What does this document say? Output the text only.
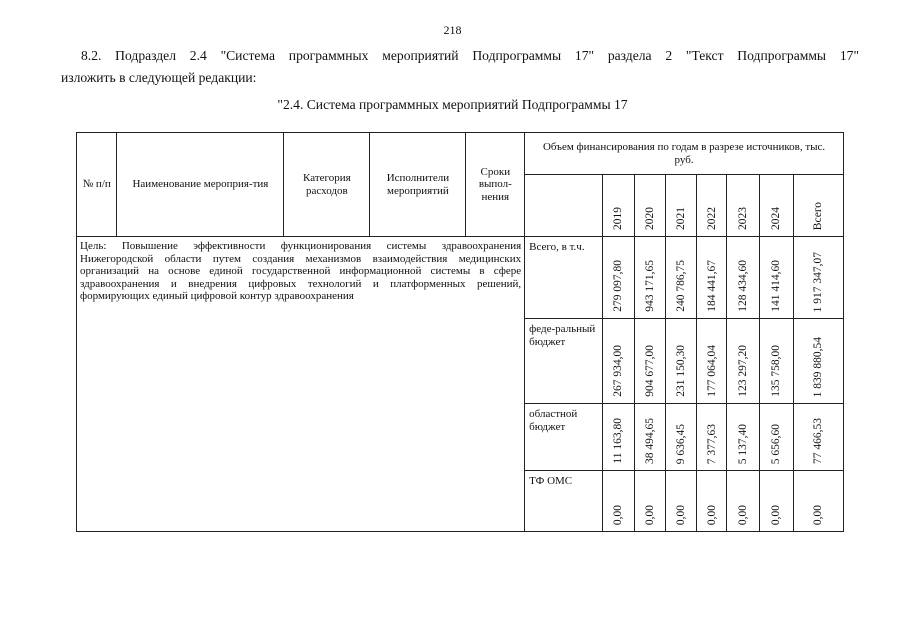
218
8.2. Подраздел 2.4 "Система программных мероприятий Подпрограммы 17" раздела 2 "Текст Подпрограммы 17"
изложить в следующей редакции:
"2.4. Система программных мероприятий Подпрограммы 17
№ п/п	Наименование мероприя-тия	Категория расходов	Исполнители мероприятий	Сроки выпол-нения	Объем финансирования по годам в разрезе источников, тыс. руб.							

						2019	2020	2021	2022	2023	2024	Всего

Цель: Повышение эффективности функционирования системы здравоохранения Нижегородской области путем создания механизмов взаимодействия медицинских организаций на основе единой государственной информационной системы в сфере здравоохранения и внедрения цифровых технологий и платформенных решений, формирующих единый цифровой контур здравоохранения					Всего, в т.ч.	279 097,80	943 171,65	240 786,75	184 441,67	128 434,60	141 414,60	1 917 347,07

					феде-ральный бюджет	267 934,00	904 677,00	231 150,30	177 064,04	123 297,20	135 758,00	1 839 880,54

					областной бюджет	11 163,80	38 494,65	9 636,45	7 377,63	5 137,40	5 656,60	77 466,53

					ТФ ОМС	0,00	0,00	0,00	0,00	0,00	0,00	0,00
